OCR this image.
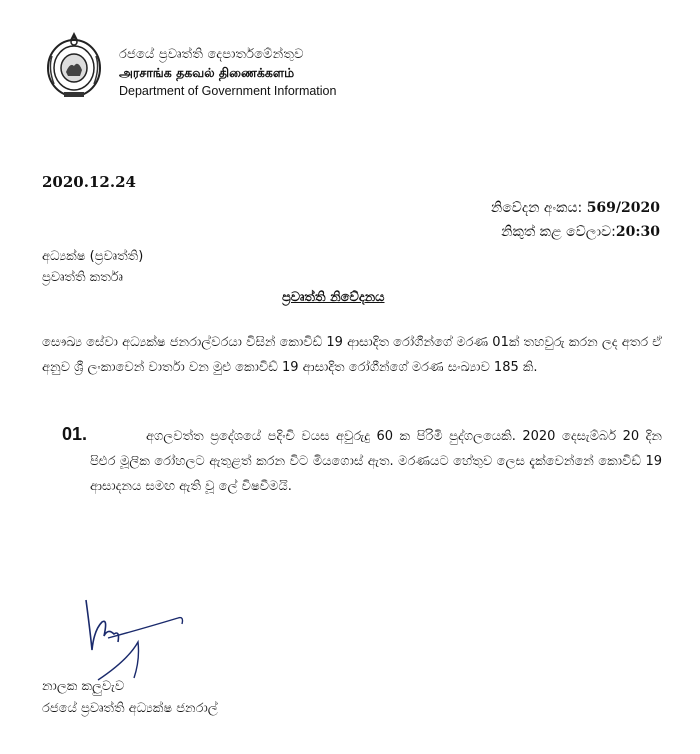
රජයේ ප්‍රවෘත්ති දෙපාර්තමේන්තුව
அரசாங்க தகவல் திணைக்களம்
Department of Government Information
2020.12.24
නිවේදන අංකය: 569/2020
නිකුත් කළ වේලාව:20:30
අධ්‍යක්ෂ (ප්‍රවෘත්ති)
ප්‍රවෘත්ති කර්තෘ
ප්‍රවෘත්ති නිවේදනය
සෞඛ්‍ය සේවා අධ්‍යක්ෂ ජනරාල්වරයා විසින් කොවිඩ් 19 ආසාදිත රෝගීන්ගේ මරණ 01ක් තහවුරු කරන ලද අතර ඒ අනුව ශ්‍රී ලංකාවෙන් වාර්තා වන මුළු කොවිඩ් 19 ආසාදිත රෝගීන්ගේ මරණ සංඛ්‍යාව 185 කි.
01.	අගලවත්ත ප්‍රදේශයේ පදිංචි වයස අවුරුදු 60 ක පිරිමි පුද්ගලයෙකි. 2020 දෙසැම්බර් 20 දින පිළුර මූලික රෝහලට ඇතුළත් කරන විට මියගොස් ඇත. මරණයට හේතුව ලෙස දැක්වෙන්නේ කොවිඩ් 19 ආසාදනය සමඟ ඇති වූ ලේ විෂවීමයි.
නාලක කලුවැව
රජයේ ප්‍රවෘත්ති අධ්‍යක්ෂ ජනරාල්
